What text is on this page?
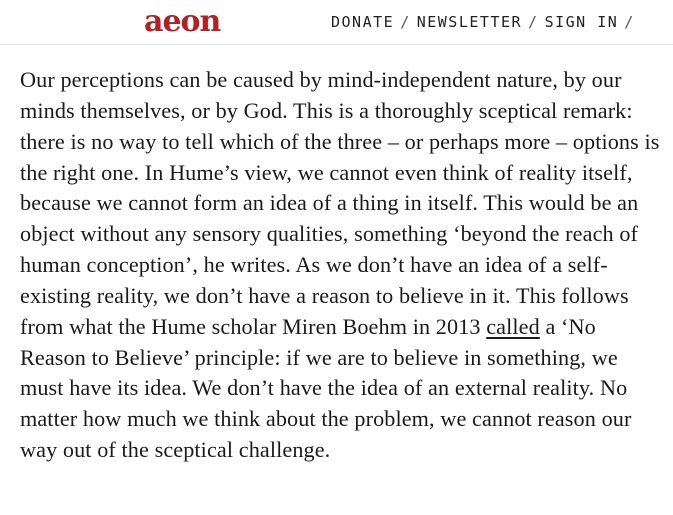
aeon	DONATE / NEWSLETTER / SIGN IN /

Our perceptions can be caused by mind-independent nature, by our minds themselves, or by God. This is a thoroughly sceptical remark: there is no way to tell which of the three – or perhaps more – options is the right one. In Hume’s view, we cannot even think of reality itself, because we cannot form an idea of a thing in itself. This would be an object without any sensory qualities, something ‘beyond the reach of human conception’, he writes. As we don’t have an idea of a self-existing reality, we don’t have a reason to believe in it. This follows from what the Hume scholar Miren Boehm in 2013 called a ‘No Reason to Believe’ principle: if we are to believe in something, we must have its idea. We don’t have the idea of an external reality. No matter how much we think about the problem, we cannot reason our way out of the sceptical challenge.
